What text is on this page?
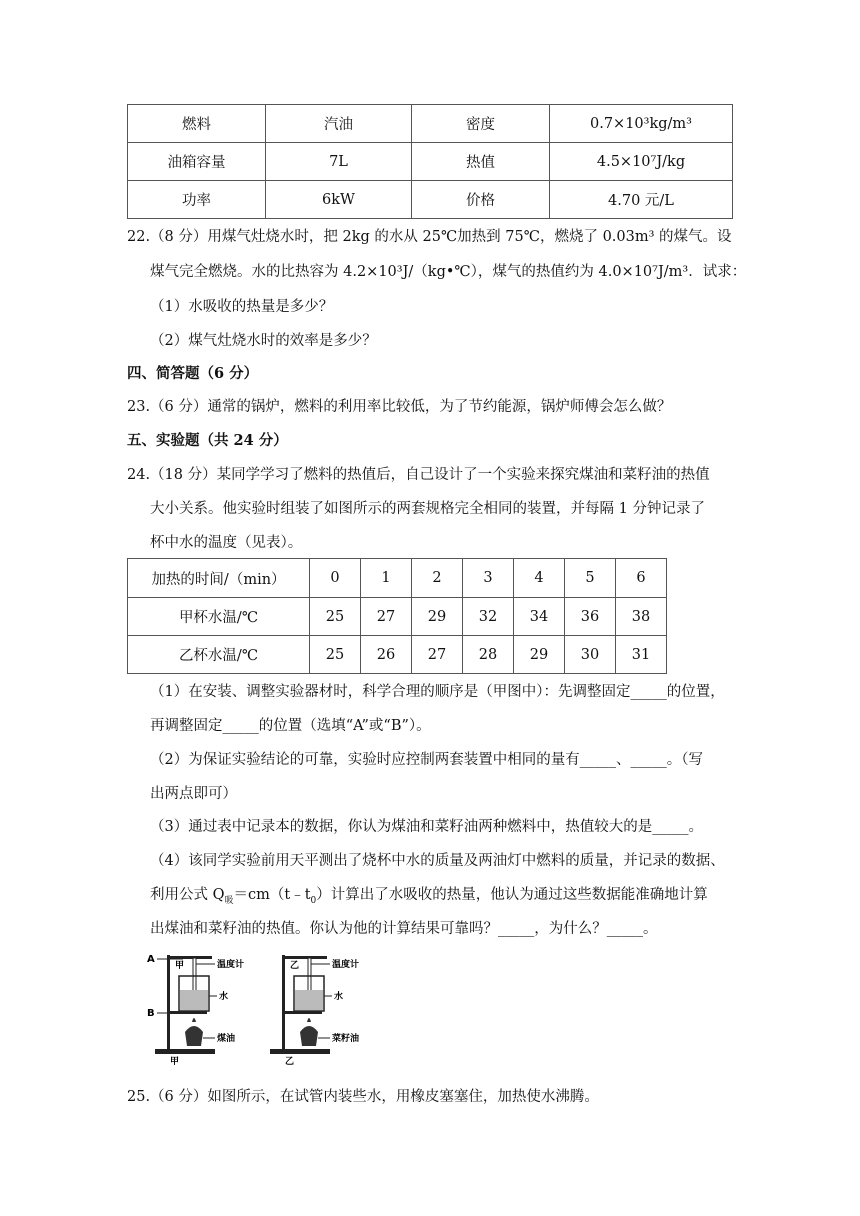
燃料	汽油	密度	0.7×10³kg/m³
油箱容量	7L	热值	4.5×10⁷J/kg
功率	6kW	价格	4.70 元/L
22.（8 分）用煤气灶烧水时，把 2kg 的水从 25℃加热到 75℃，燃烧了 0.03m³ 的煤气。设
煤气完全燃烧。水的比热容为 4.2×10³J/（kg•℃），煤气的热值约为 4.0×10⁷J/m³．试求：
（1）水吸收的热量是多少？
（2）煤气灶烧水时的效率是多少？
四、简答题（6 分）
23.（6 分）通常的锅炉，燃料的利用率比较低，为了节约能源，锅炉师傅会怎么做？
五、实验题（共 24 分）
24.（18 分）某同学学习了燃料的热值后，自己设计了一个实验来探究煤油和菜籽油的热值
大小关系。他实验时组装了如图所示的两套规格完全相同的装置，并每隔 1 分钟记录了
杯中水的温度（见表）。
加热的时间/（min）	0	1	2	3	4	5	6
甲杯水温/℃	25	27	29	32	34	36	38
乙杯水温/℃	25	26	27	28	29	30	31
（1）在安装、调整实验器材时，科学合理的顺序是（甲图中）：先调整固定_____的位置，
再调整固定_____的位置（选填“A”或“B”）。
（2）为保证实验结论的可靠，实验时应控制两套装置中相同的量有_____、_____。（写
出两点即可）
（3）通过表中记录本的数据，你认为煤油和菜籽油两种燃料中，热值较大的是_____。
（4）该同学实验前用天平测出了烧杯中水的质量及两油灯中燃料的质量，并记录的数据、
利用公式 $Q_吸=cm(t﹣t_0)$计算出了水吸收的热量，他认为通过这些数据能准确地计算
出煤油和菜籽油的热值。你认为他的计算结果可靠吗？_____，为什么？_____。
A
B
温度计
水
甲
煤油
甲
温度计
水
乙
菜籽油
乙
25.（6 分）如图所示，在试管内装些水，用橡皮塞塞住，加热使水沸腾。
